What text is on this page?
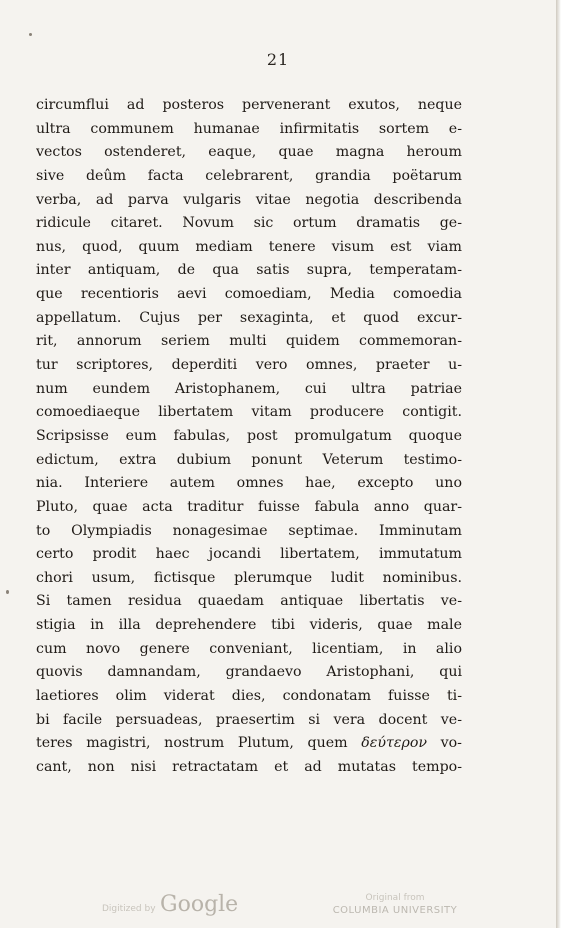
21
circumflui ad posteros pervenerant exutos, neque
ultra communem humanae infirmitatis sortem e-
vectos ostenderet, eaque, quae magna heroum
sive deûm facta celebrarent, grandia poëtarum
verba, ad parva vulgaris vitae negotia describenda
ridicule citaret. Novum sic ortum dramatis ge-
nus, quod, quum mediam tenere visum est viam
inter antiquam, de qua satis supra, temperatam-
que recentioris aevi comoediam, Media comoedia
appellatum. Cujus per sexaginta, et quod excur-
rit, annorum seriem multi quidem commemoran-
tur scriptores, deperditi vero omnes, praeter u-
num eundem Aristophanem, cui ultra patriae
comoediaeque libertatem vitam producere contigit.
Scripsisse eum fabulas, post promulgatum quoque
edictum, extra dubium ponunt Veterum testimo-
nia. Interiere autem omnes hae, excepto uno
Pluto, quae acta traditur fuisse fabula anno quar-
to Olympiadis nonagesimae septimae. Imminutam
certo prodit haec jocandi libertatem, immutatum
chori usum, fictisque plerumque ludit nominibus.
Si tamen residua quaedam antiquae libertatis ve-
stigia in illa deprehendere tibi videris, quae male
cum novo genere conveniant, licentiam, in alio
quovis damnandam, grandaevo Aristophani, qui
laetiores olim viderat dies, condonatam fuisse ti-
bi facile persuadeas, praesertim si vera docent ve-
teres magistri, nostrum Plutum, quem δεύτερον vo-
cant, non nisi retractatam et ad mutatas tempo-
Digitized by Google	Original from
COLUMBIA UNIVERSITY
